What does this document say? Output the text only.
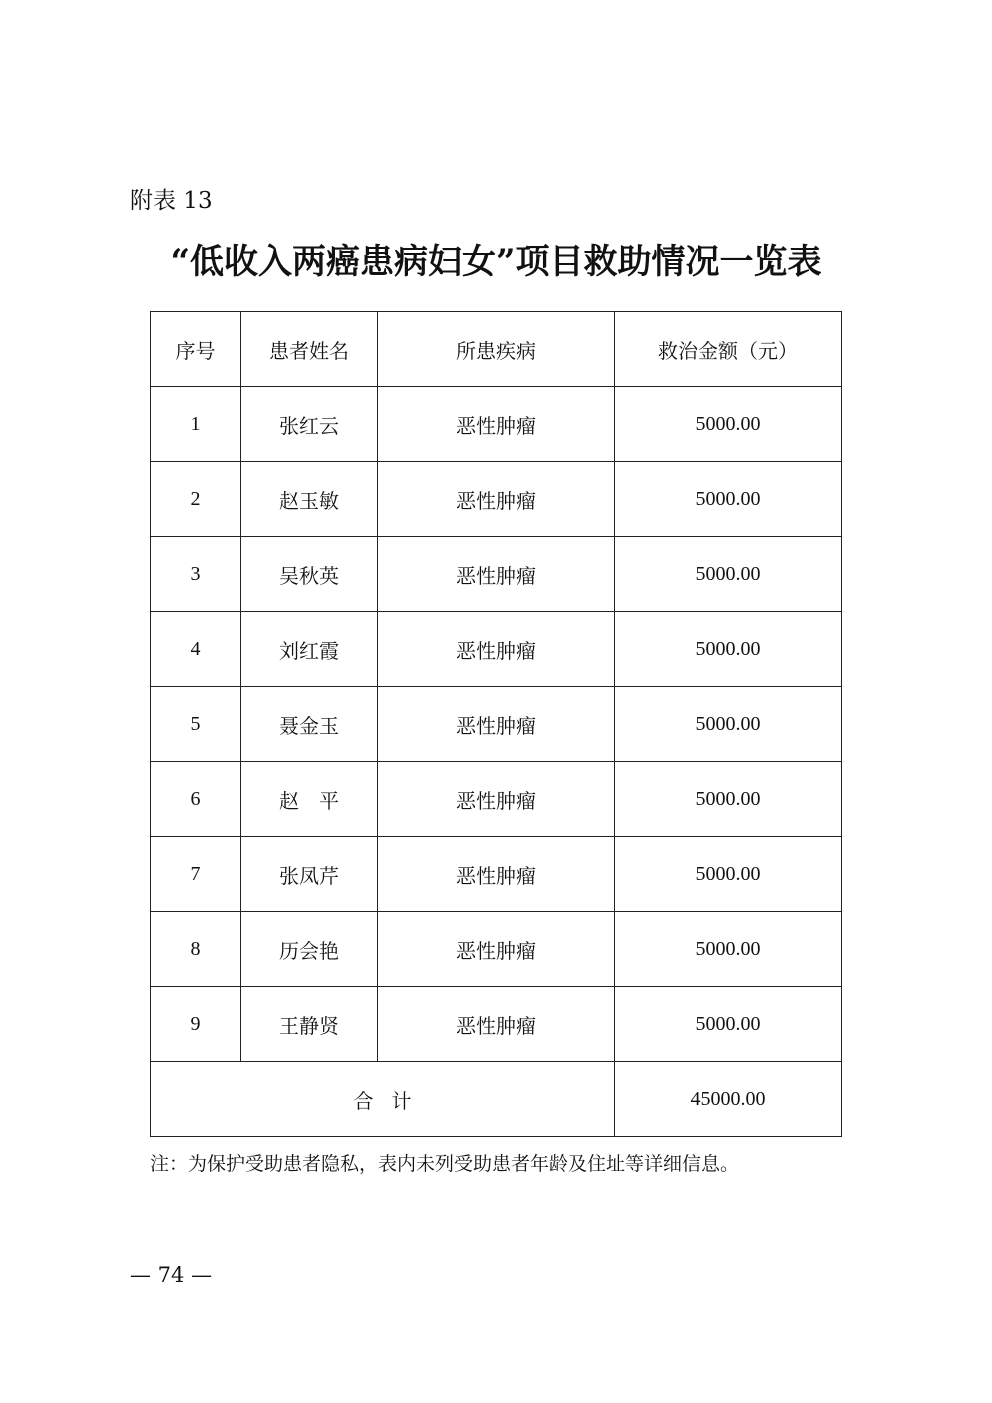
附表 13
“低收入两癌患病妇女”项目救助情况一览表
序号	患者姓名	所患疾病	救治金额（元）
1	张红云	恶性肿瘤	5000.00
2	赵玉敏	恶性肿瘤	5000.00
3	吴秋英	恶性肿瘤	5000.00
4	刘红霞	恶性肿瘤	5000.00
5	聂金玉	恶性肿瘤	5000.00
6	赵　平	恶性肿瘤	5000.00
7	张凤芹	恶性肿瘤	5000.00
8	历会艳	恶性肿瘤	5000.00
9	王静贤	恶性肿瘤	5000.00
合计			45000.00
注：为保护受助患者隐私，表内未列受助患者年龄及住址等详细信息。
— 74 —
